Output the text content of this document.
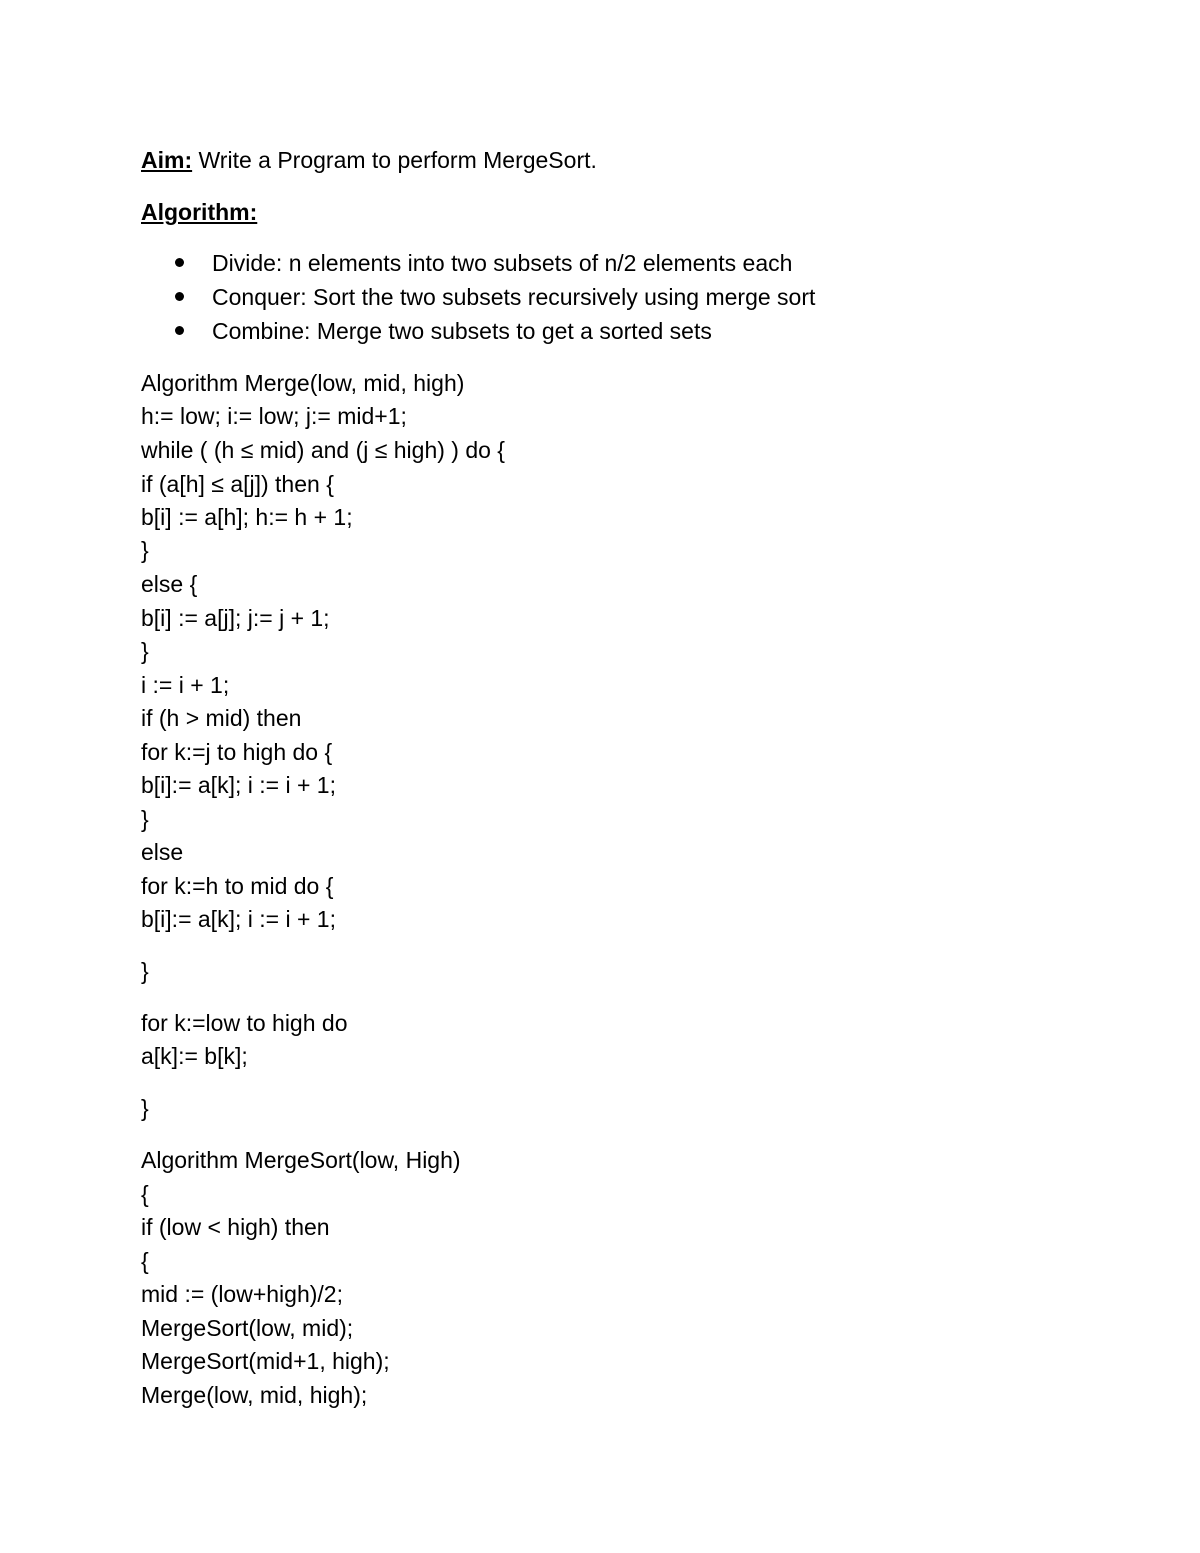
Aim: Write a Program to perform MergeSort.

Algorithm:

Divide: n elements into two subsets of n/2 elements each

Conquer: Sort the two subsets recursively using merge sort

Combine: Merge two subsets to get a sorted sets

Algorithm Merge(low, mid, high)

h:= low; i:= low; j:= mid+1;

while ( (h ≤ mid) and (j ≤ high) ) do {

if (a[h] ≤ a[j]) then {

b[i] := a[h]; h:= h + 1;

}

else {

b[i] := a[j]; j:= j + 1;

}

i := i + 1;

if (h > mid) then

for k:=j to high do {

b[i]:= a[k]; i := i + 1;

}

else

for k:=h to mid do {

b[i]:= a[k]; i := i + 1;

}

for k:=low to high do

a[k]:= b[k];

}

Algorithm MergeSort(low, High)

{

if (low < high) then

{

mid := (low+high)/2;

MergeSort(low, mid);

MergeSort(mid+1, high);

Merge(low, mid, high);
